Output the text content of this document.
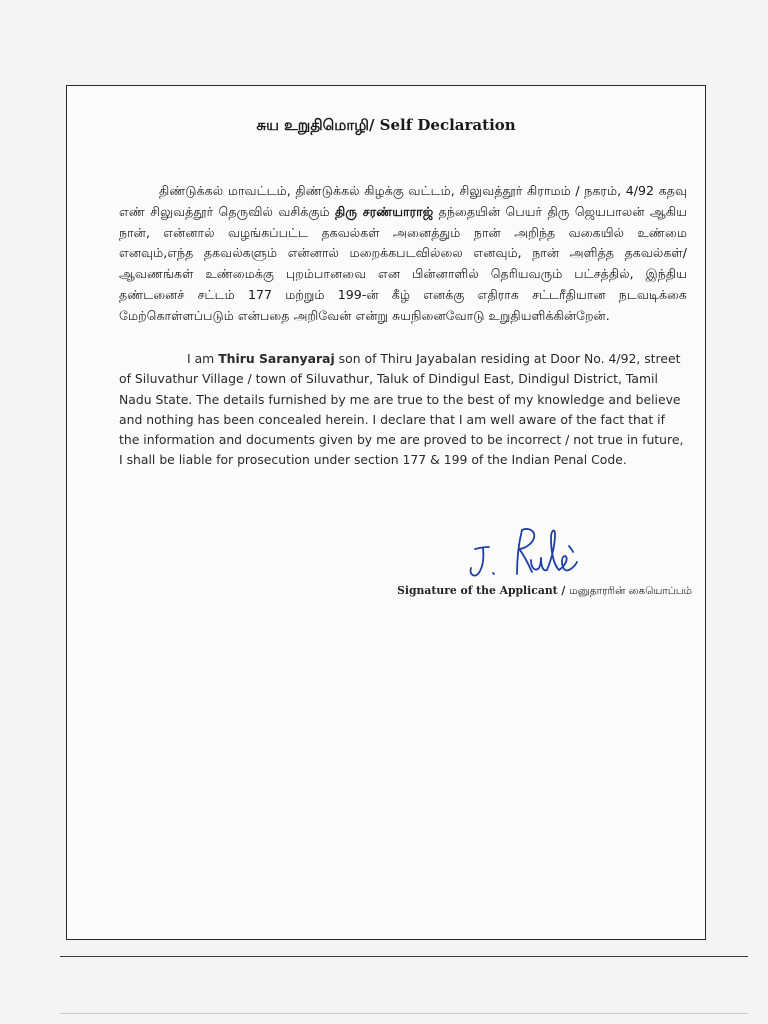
சுய உறுதிமொழி/ Self Declaration
திண்டுக்கல் மாவட்டம், திண்டுக்கல் கிழக்கு வட்டம், சிலுவத்தூர் கிராமம் / நகரம், 4/92 கதவு எண் சிலுவத்தூர் தெருவில் வசிக்கும் திரு சரண்யாராஜ் தந்தையின் பெயர் திரு ஜெயபாலன் ஆகிய நான், என்னால் வழங்கப்பட்ட தகவல்கள் அனைத்தும் நான் அறிந்த வகையில் உண்மை எனவும்,எந்த தகவல்களும் என்னால் மறைக்கபடவில்லை எனவும், நான் அளித்த தகவல்கள்/ ஆவணங்கள் உண்மைக்கு புறம்பானவை என பின்னாளில் தெரியவரும் பட்சத்தில், இந்திய தண்டனைச் சட்டம் 177 மற்றும் 199-ன் கீழ் எனக்கு எதிராக சட்டரீதியான நடவடிக்கை மேற்கொள்ளப்படும் என்பதை அறிவேன் என்று சுயநினைவோடு உறுதியளிக்கின்றேன்.
I am Thiru Saranyaraj son of Thiru Jayabalan residing at Door No. 4/92, street of Siluvathur Village / town of Siluvathur, Taluk of Dindigul East, Dindigul District, Tamil Nadu State. The details furnished by me are true to the best of my knowledge and believe and nothing has been concealed herein. I declare that I am well aware of the fact that if the information and documents given by me are proved to be incorrect / not true in future, I shall be liable for prosecution under section 177 & 199 of the Indian Penal Code.
Signature of the Applicant / மனுதாரரின் கையொப்பம்
